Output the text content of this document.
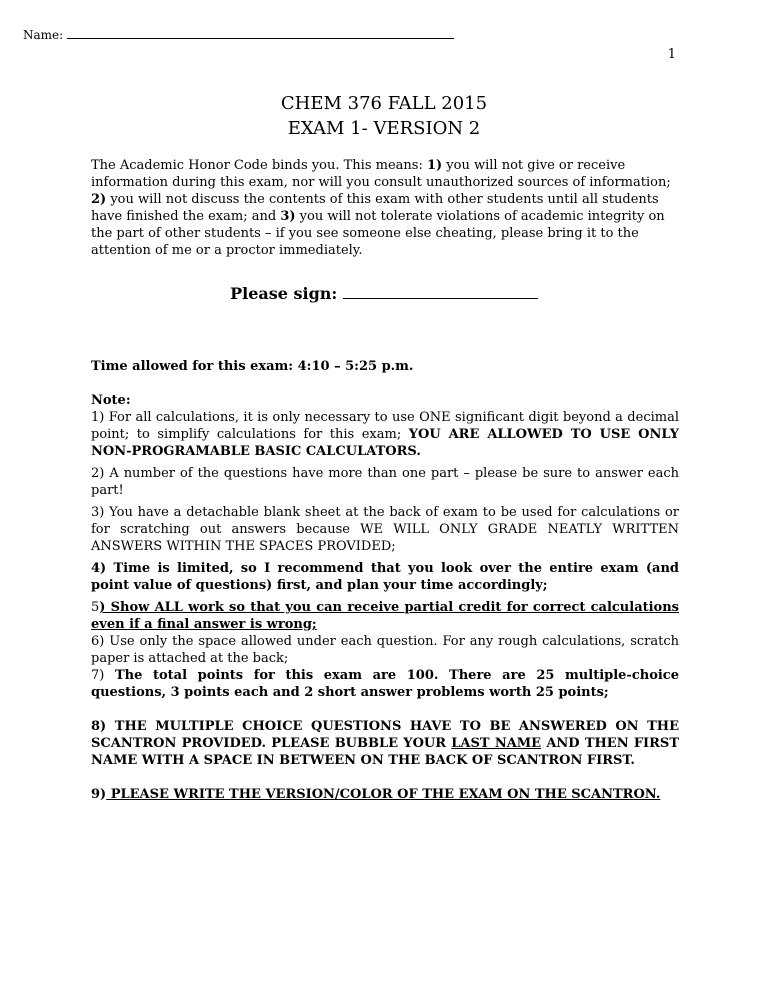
Name:
1
CHEM 376 FALL 2015
EXAM 1- VERSION 2
The Academic Honor Code binds you. This means: 1) you will not give or receive information during this exam, nor will you consult unauthorized sources of information; 2) you will not discuss the contents of this exam with other students until all students have finished the exam; and 3) you will not tolerate violations of academic integrity on the part of other students – if you see someone else cheating, please bring it to the attention of me or a proctor immediately.
Please sign:
Time allowed for this exam: 4:10 – 5:25 p.m.

Note:

1) For all calculations, it is only necessary to use ONE significant digit beyond a decimal point; to simplify calculations for this exam; YOU ARE ALLOWED TO USE ONLY NON-PROGRAMABLE BASIC CALCULATORS.

2) A number of the questions have more than one part – please be sure to answer each part!

3) You have a detachable blank sheet at the back of exam to be used for calculations or for scratching out answers because WE WILL ONLY GRADE NEATLY WRITTEN ANSWERS WITHIN THE SPACES PROVIDED;

4) Time is limited, so I recommend that you look over the entire exam (and point value of questions) first, and plan your time accordingly;

5) Show ALL work so that you can receive partial credit for correct calculations even if a final answer is wrong;

6) Use only the space allowed under each question. For any rough calculations, scratch paper is attached at the back;

7) The total points for this exam are 100. There are 25 multiple-choice questions, 3 points each and 2 short answer problems worth 25 points;

8) THE MULTIPLE CHOICE QUESTIONS HAVE TO BE ANSWERED ON THE SCANTRON PROVIDED. PLEASE BUBBLE YOUR LAST NAME AND THEN FIRST NAME WITH A SPACE IN BETWEEN ON THE BACK OF SCANTRON FIRST.

9) PLEASE WRITE THE VERSION/COLOR OF THE EXAM ON THE SCANTRON.
